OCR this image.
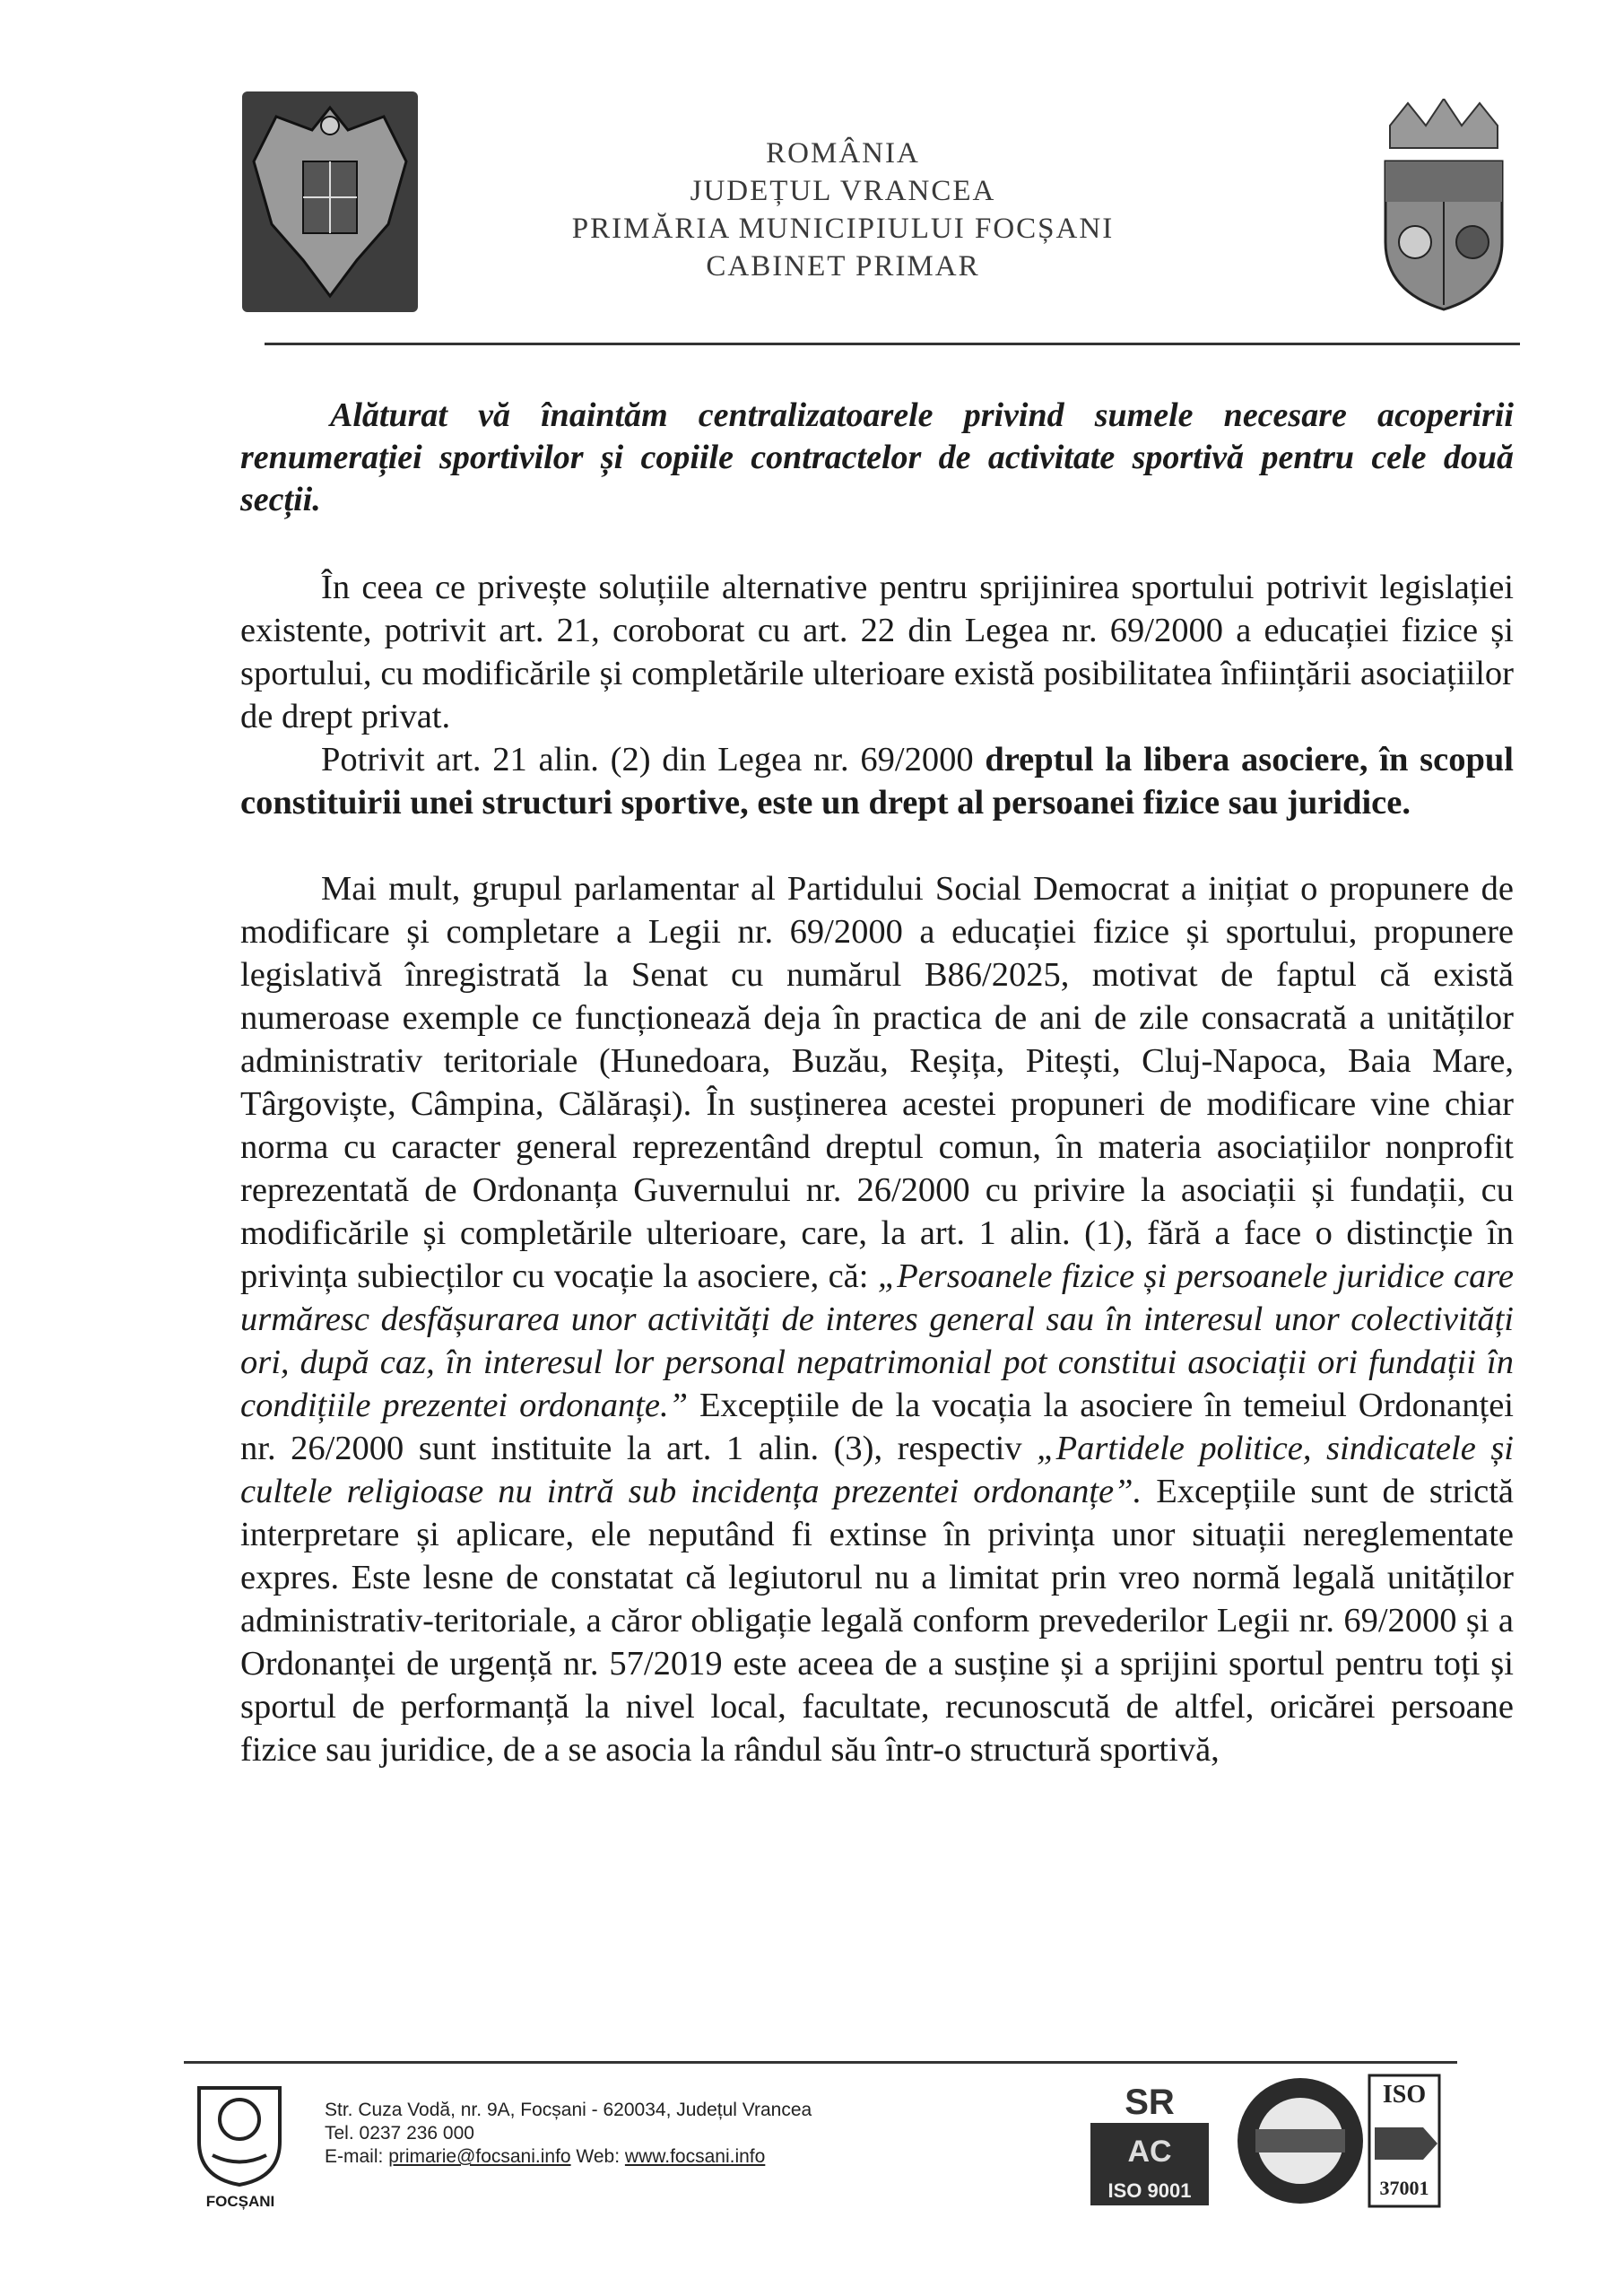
ROMÂNIA
JUDEȚUL VRANCEA
PRIMĂRIA MUNICIPIULUI FOCȘANI
CABINET PRIMAR

Alăturat vă înaintăm centralizatoarele privind sumele necesare acoperirii renumerației sportivilor și copiile contractelor de activitate sportivă pentru cele două secții.

În ceea ce privește soluțiile alternative pentru sprijinirea sportului potrivit legislației existente, potrivit art. 21, coroborat cu art. 22 din Legea nr. 69/2000 a educației fizice și sportului, cu modificările și completările ulterioare există posibilitatea înființării asociațiilor de drept privat.

Potrivit art. 21 alin. (2) din Legea nr. 69/2000 dreptul la libera asociere, în scopul constituirii unei structuri sportive, este un drept al persoanei fizice sau juridice.

Mai mult, grupul parlamentar al Partidului Social Democrat a inițiat o propunere de modificare și completare a Legii nr. 69/2000 a educației fizice și sportului, propunere legislativă înregistrată la Senat cu numărul B86/2025, motivat de faptul că există numeroase exemple ce funcționează deja în practica de ani de zile consacrată a unităților administrativ teritoriale (Hunedoara, Buzău, Reșița, Pitești, Cluj-Napoca, Baia Mare, Târgoviște, Câmpina, Călărași). În susținerea acestei propuneri de modificare vine chiar norma cu caracter general reprezentând dreptul comun, în materia asociațiilor nonprofit reprezentată de Ordonanța Guvernului nr. 26/2000 cu privire la asociații și fundații, cu modificările și completările ulterioare, care, la art. 1 alin. (1), fără a face o distincție în privința subiecților cu vocație la asociere, că: „Persoanele fizice și persoanele juridice care urmăresc desfășurarea unor activități de interes general sau în interesul unor colectivități ori, după caz, în interesul lor personal nepatrimonial pot constitui asociații ori fundații în condițiile prezentei ordonanțe.” Excepțiile de la vocația la asociere în temeiul Ordonanței nr. 26/2000 sunt instituite la art. 1 alin. (3), respectiv „Partidele politice, sindicatele și cultele religioase nu intră sub incidența prezentei ordonanțe”. Excepțiile sunt de strictă interpretare și aplicare, ele neputând fi extinse în privința unor situații nereglementate expres. Este lesne de constatat că legiutorul nu a limitat prin vreo normă legală unităților administrativ-teritoriale, a căror obligație legală conform prevederilor Legii nr. 69/2000 și a Ordonanței de urgență nr. 57/2019 este aceea de a susține și a sprijini sportul pentru toți și sportul de performanță la nivel local, facultate, recunoscută de altfel, oricărei persoane fizice sau juridice, de a se asocia la rândul său într-o structură sportivă,

FOCȘANI
Str. Cuza Vodă, nr. 9A, Focșani - 620034, Județul Vrancea
Tel. 0237 236 000
E-mail: primarie@focsani.info Web: www.focsani.info
SR
AC
ISO 9001
ISO
37001
